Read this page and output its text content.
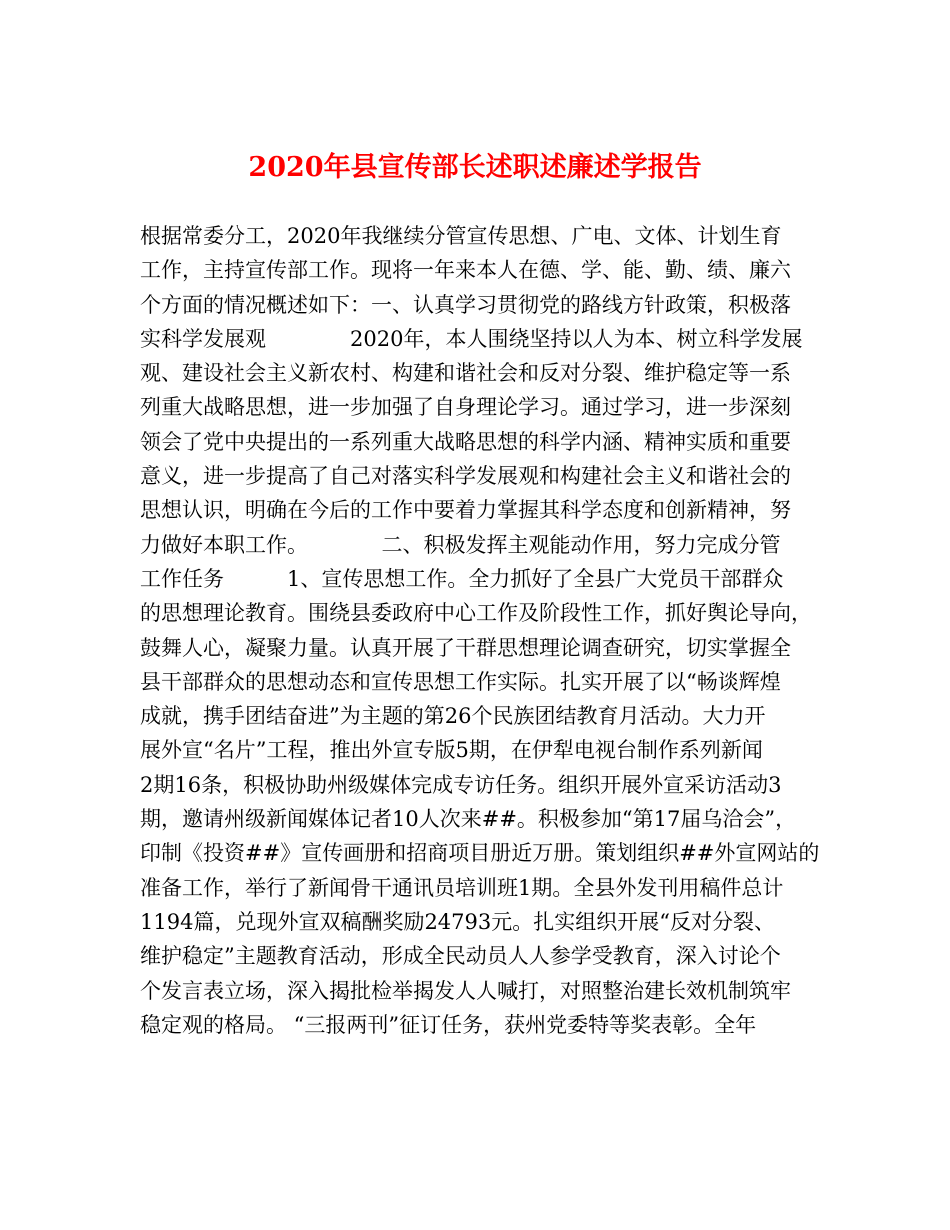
2020年县宣传部长述职述廉述学报告
根据常委分工，2020年我继续分管宣传思想、广电、文体、计划生育
工作，主持宣传部工作。现将一年来本人在德、学、能、勤、绩、廉六
个方面的情况概述如下：一、认真学习贯彻党的路线方针政策，积极落
实科学发展观　　　　2020年，本人围绕坚持以人为本、树立科学发展
观、建设社会主义新农村、构建和谐社会和反对分裂、维护稳定等一系
列重大战略思想，进一步加强了自身理论学习。通过学习，进一步深刻
领会了党中央提出的一系列重大战略思想的科学内涵、精神实质和重要
意义，进一步提高了自己对落实科学发展观和构建社会主义和谐社会的
思想认识，明确在今后的工作中要着力掌握其科学态度和创新精神，努
力做好本职工作。　　　　二、积极发挥主观能动作用，努力完成分管
工作任务　　　1、宣传思想工作。全力抓好了全县广大党员干部群众
的思想理论教育。围绕县委政府中心工作及阶段性工作，抓好舆论导向，
鼓舞人心，凝聚力量。认真开展了干群思想理论调查研究，切实掌握全
县干部群众的思想动态和宣传思想工作实际。扎实开展了以“畅谈辉煌
成就，携手团结奋进”为主题的第26个民族团结教育月活动。大力开
展外宣“名片”工程，推出外宣专版5期，在伊犁电视台制作系列新闻
2期16条，积极协助州级媒体完成专访任务。组织开展外宣采访活动3
期，邀请州级新闻媒体记者10人次来##。积极参加“第17届乌洽会”，
印制《投资##》宣传画册和招商项目册近万册。策划组织##外宣网站的
准备工作，举行了新闻骨干通讯员培训班1期。全县外发刊用稿件总计
1194篇，兑现外宣双稿酬奖励24793元。扎实组织开展“反对分裂、
维护稳定”主题教育活动，形成全民动员人人参学受教育，深入讨论个
个发言表立场，深入揭批检举揭发人人喊打，对照整治建长效机制筑牢
稳定观的格局。 “三报两刊”征订任务，获州党委特等奖表彰。全年
